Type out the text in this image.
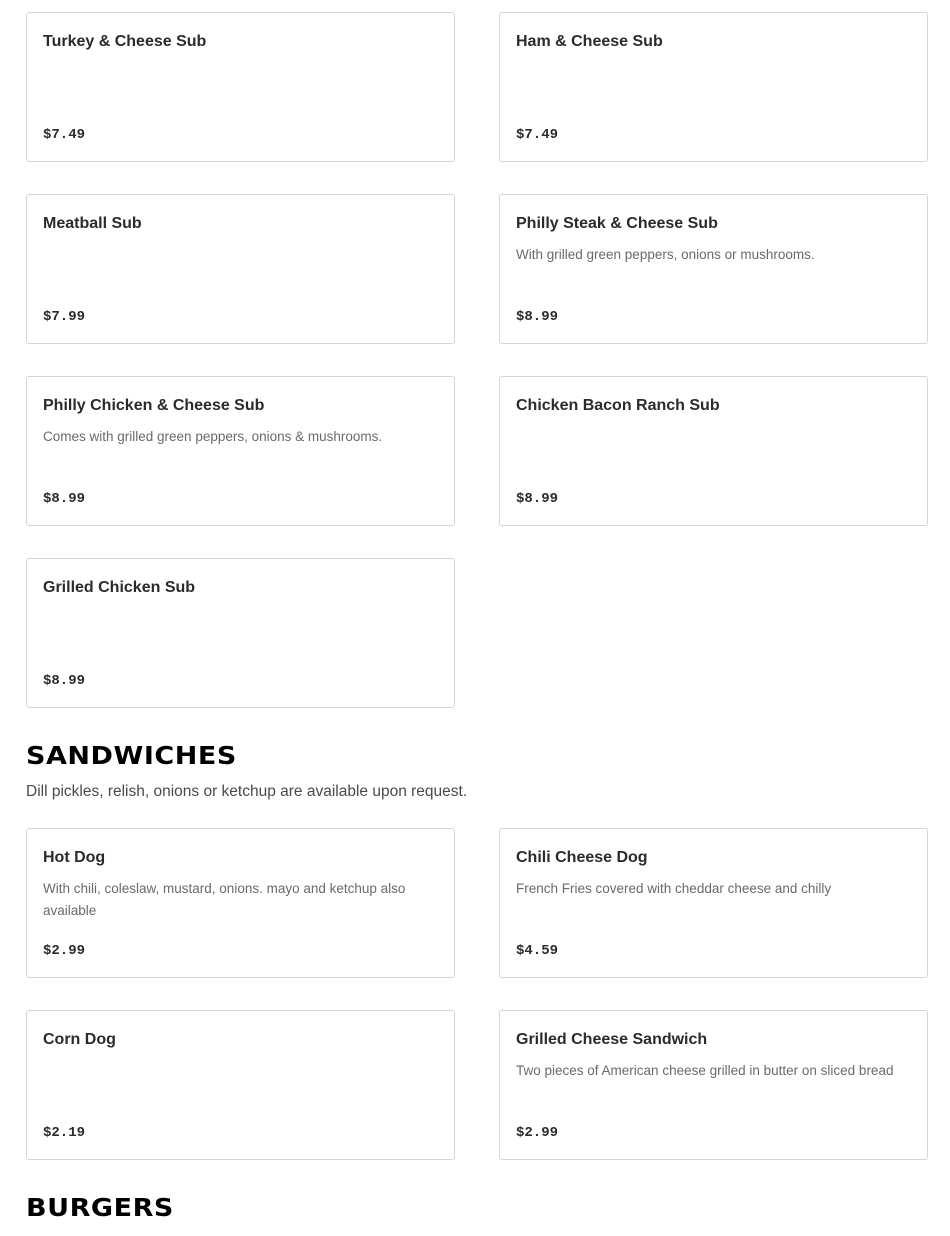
Turkey & Cheese Sub
$7.49
Ham & Cheese Sub
$7.49
Meatball Sub
$7.99
Philly Steak & Cheese Sub
With grilled green peppers, onions or mushrooms.
$8.99
Philly Chicken & Cheese Sub
Comes with grilled green peppers, onions & mushrooms.
$8.99
Chicken Bacon Ranch Sub
$8.99
Grilled Chicken Sub
$8.99
SANDWICHES

Dill pickles, relish, onions or ketchup are available upon request.

Hot Dog
With chili, coleslaw, mustard, onions. mayo and ketchup also available
$2.99
Chili Cheese Dog
French Fries covered with cheddar cheese and chilly
$4.59
Corn Dog
$2.19
Grilled Cheese Sandwich
Two pieces of American cheese grilled in butter on sliced bread
$2.99
BURGERS
